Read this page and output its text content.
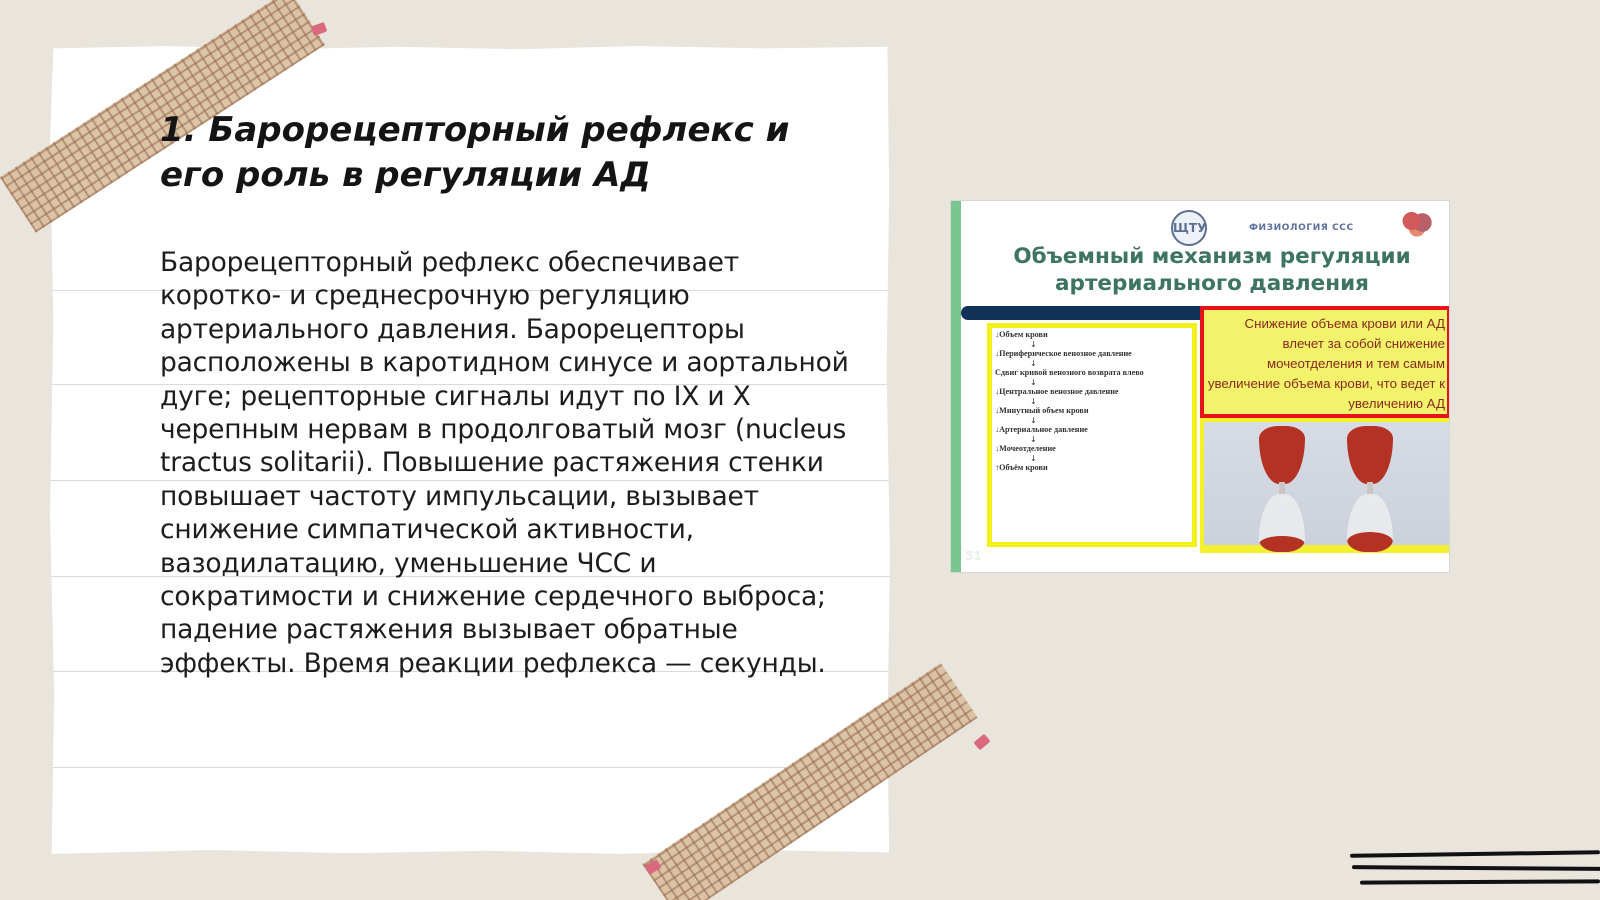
1. Барорецепторный рефлекс и его роль в регуляции АД

Барорецепторный рефлекс обеспечивает коротко- и среднесрочную регуляцию артериального давления. Барорецепторы расположены в каротидном синусе и аортальной дуге; рецепторные сигналы идут по IX и X черепным нервам в продолговатый мозг (nucleus tractus solitarii). Повышение растяжения стенки повышает частоту импульсации, вызывает снижение симпатической активности, вазодилатацию, уменьшение ЧСС и сократимости и снижение сердечного выброса; падение растяжения вызывает обратные эффекты. Время реакции рефлекса — секунды.

ЩТУ	ФИЗИОЛОГИЯ ССС
Объемный механизм регуляции артериального давления
↓Объем крови
↓
↓Периферическое венозное давление
↓
Сдвиг кривой венозного возврата влево
↓
↓Центральное венозное давление
↓
↓Минутный объем крови
↓
↓Артериальное давление
↓
↓Мочеотделение
↓
↑Объём крови
Снижение объема крови или АД влечет за собой снижение мочеотделения и тем самым увеличение объема крови, что ведет к увеличению АД
51
